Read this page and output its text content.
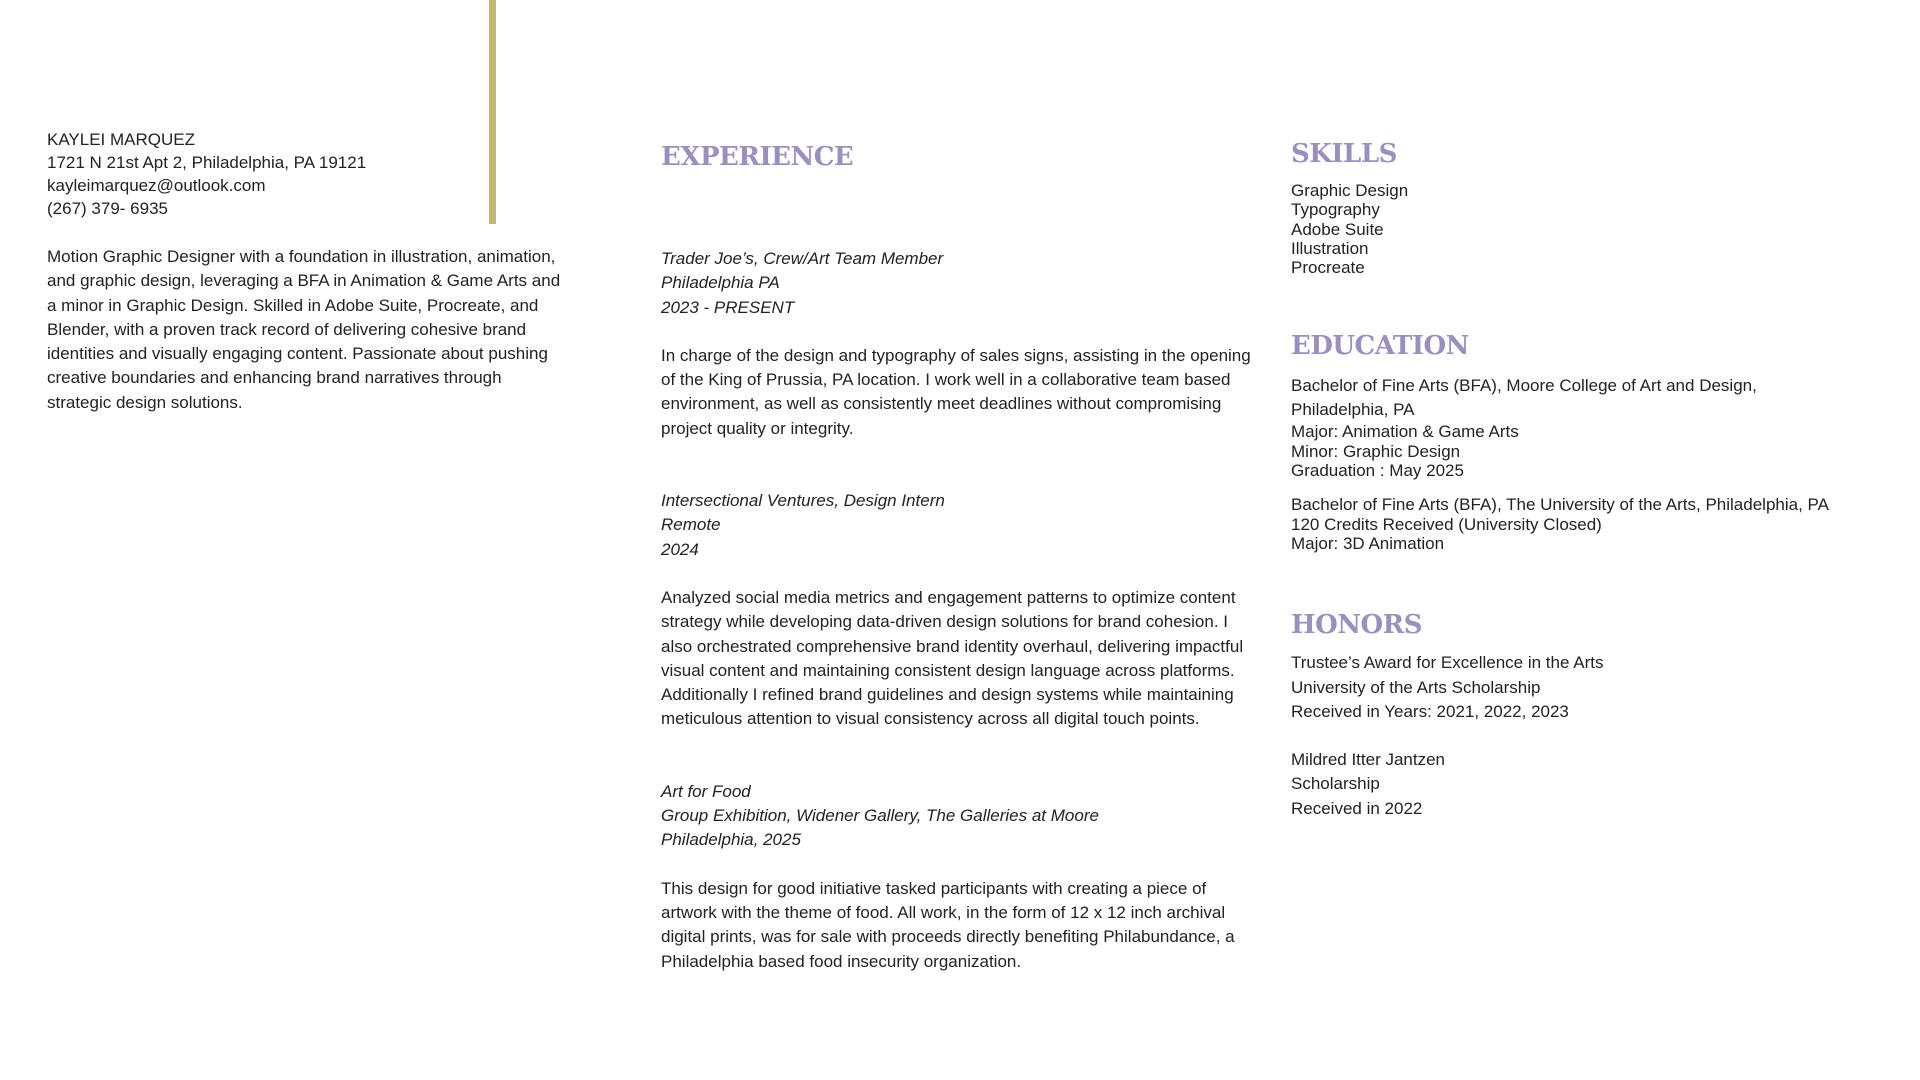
KAYLEI MARQUEZ
1721 N 21st Apt 2, Philadelphia, PA 19121
kayleimarquez@outlook.com
(267) 379- 6935
Motion Graphic Designer with a foundation in illustration, animation, and graphic design, leveraging a BFA in Animation & Game Arts and a minor in Graphic Design. Skilled in Adobe Suite, Procreate, and Blender, with a proven track record of delivering cohesive brand identities and visually engaging content. Passionate about pushing creative boundaries and enhancing brand narratives through strategic design solutions.
EXPERIENCE
Trader Joe’s, Crew/Art Team Member
Philadelphia PA
2023 - PRESENT
In charge of the design and typography of sales signs, assisting in the opening of the King of Prussia, PA location. I work well in a collaborative team based environment, as well as consistently meet deadlines without compromising project quality or integrity.
Intersectional Ventures, Design Intern
Remote
2024
Analyzed social media metrics and engagement patterns to optimize content strategy while developing data-driven design solutions for brand cohesion. I also orchestrated comprehensive brand identity overhaul, delivering impactful visual content and maintaining consistent design language across platforms. Additionally I refined brand guidelines and design systems while maintaining meticulous attention to visual consistency across all digital touch points.
Art for Food
Group Exhibition, Widener Gallery, The Galleries at Moore
Philadelphia, 2025
This design for good initiative tasked participants with creating a piece of artwork with the theme of food. All work, in the form of 12 x 12 inch archival digital prints, was for sale with proceeds directly benefiting Philabundance, a Philadelphia based food insecurity organization.
SKILLS
Graphic Design
Typography
Adobe Suite
Illustration
Procreate
EDUCATION
Bachelor of Fine Arts (BFA), Moore College of Art and Design, Philadelphia, PA
Major: Animation & Game Arts
Minor: Graphic Design
Graduation : May 2025
Bachelor of Fine Arts (BFA), The University of the Arts, Philadelphia, PA
120 Credits Received (University Closed)
Major: 3D Animation
HONORS
Trustee’s Award for Excellence in the Arts
University of the Arts Scholarship
Received in Years: 2021, 2022, 2023
Mildred Itter Jantzen
Scholarship
Received in 2022
